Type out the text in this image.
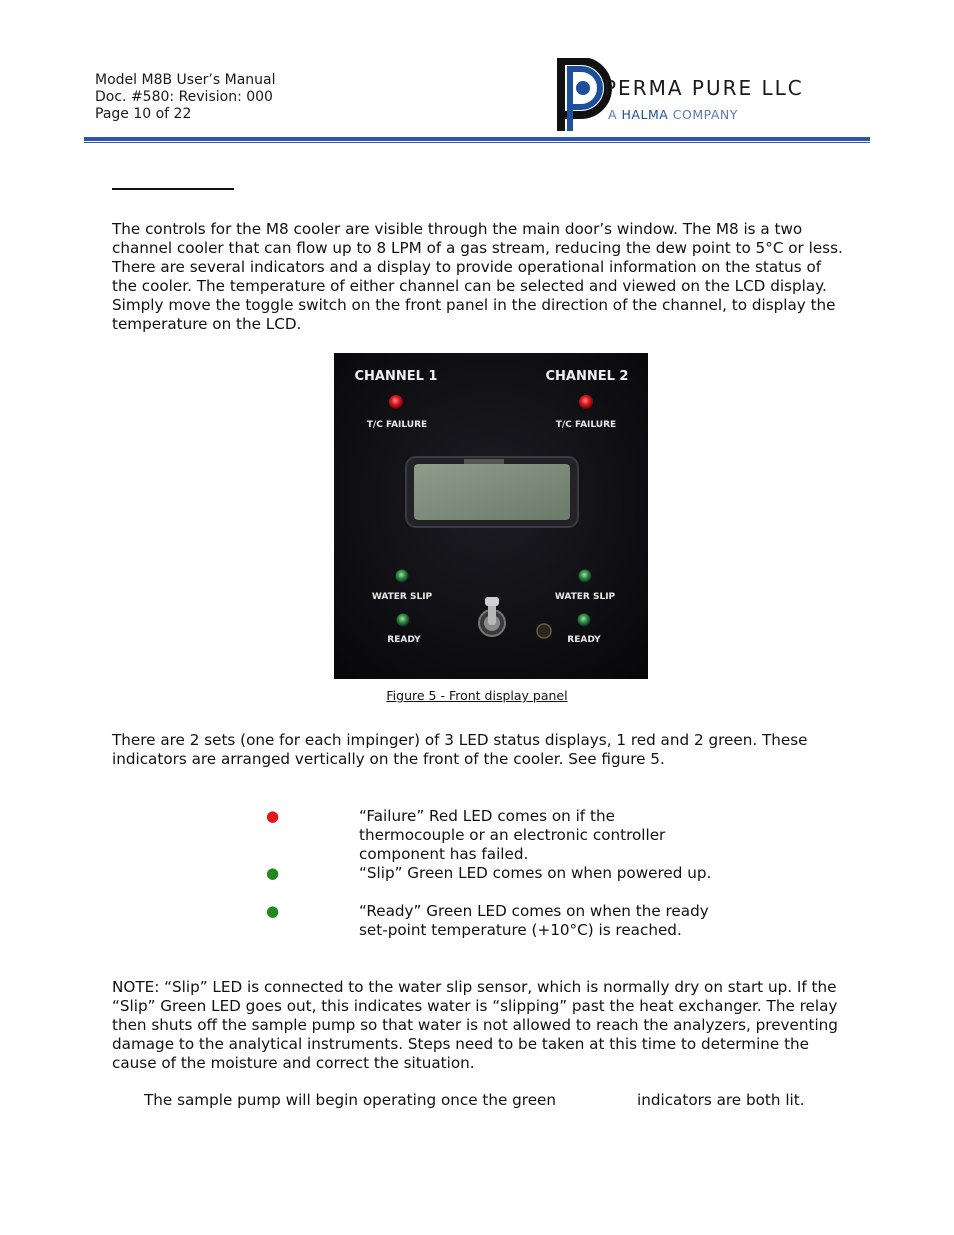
Model M8B User’s Manual
Doc. #580: Revision: 000
Page 10 of 22
PERMA PURE LLC
A HALMA COMPANY

The controls for the M8 cooler are visible through the main door’s window. The M8 is a two

channel cooler that can flow up to 8 LPM of a gas stream, reducing the dew point to 5°C or less.

There are several indicators and a display to provide operational information on the status of

the cooler. The temperature of either channel can be selected and viewed on the LCD display.

Simply move the toggle switch on the front panel in the direction of the channel, to display the

temperature on the LCD.

CHANNEL 1	CHANNEL 2
T/C FAILURE	T/C FAILURE
WATER SLIP	WATER SLIP
READY	READY
Figure 5 - Front display panel

There are 2 sets (one for each impinger) of 3 LED status displays, 1 red and 2 green. These

indicators are arranged vertically on the front of the cooler. See figure 5.

●	“Failure” Red LED comes on if the
thermocouple or an electronic controller
component has failed.
●	“Slip” Green LED comes on when powered up.
●	“Ready” Green LED comes on when the ready
set-point temperature (+10°C) is reached.

NOTE: “Slip” LED is connected to the water slip sensor, which is normally dry on start up. If the

“Slip” Green LED goes out, this indicates water is “slipping” past the heat exchanger. The relay

then shuts off the sample pump so that water is not allowed to reach the analyzers, preventing

damage to the analytical instruments. Steps need to be taken at this time to determine the

cause of the moisture and correct the situation.

The sample pump will begin operating once the green	indicators are both lit.
